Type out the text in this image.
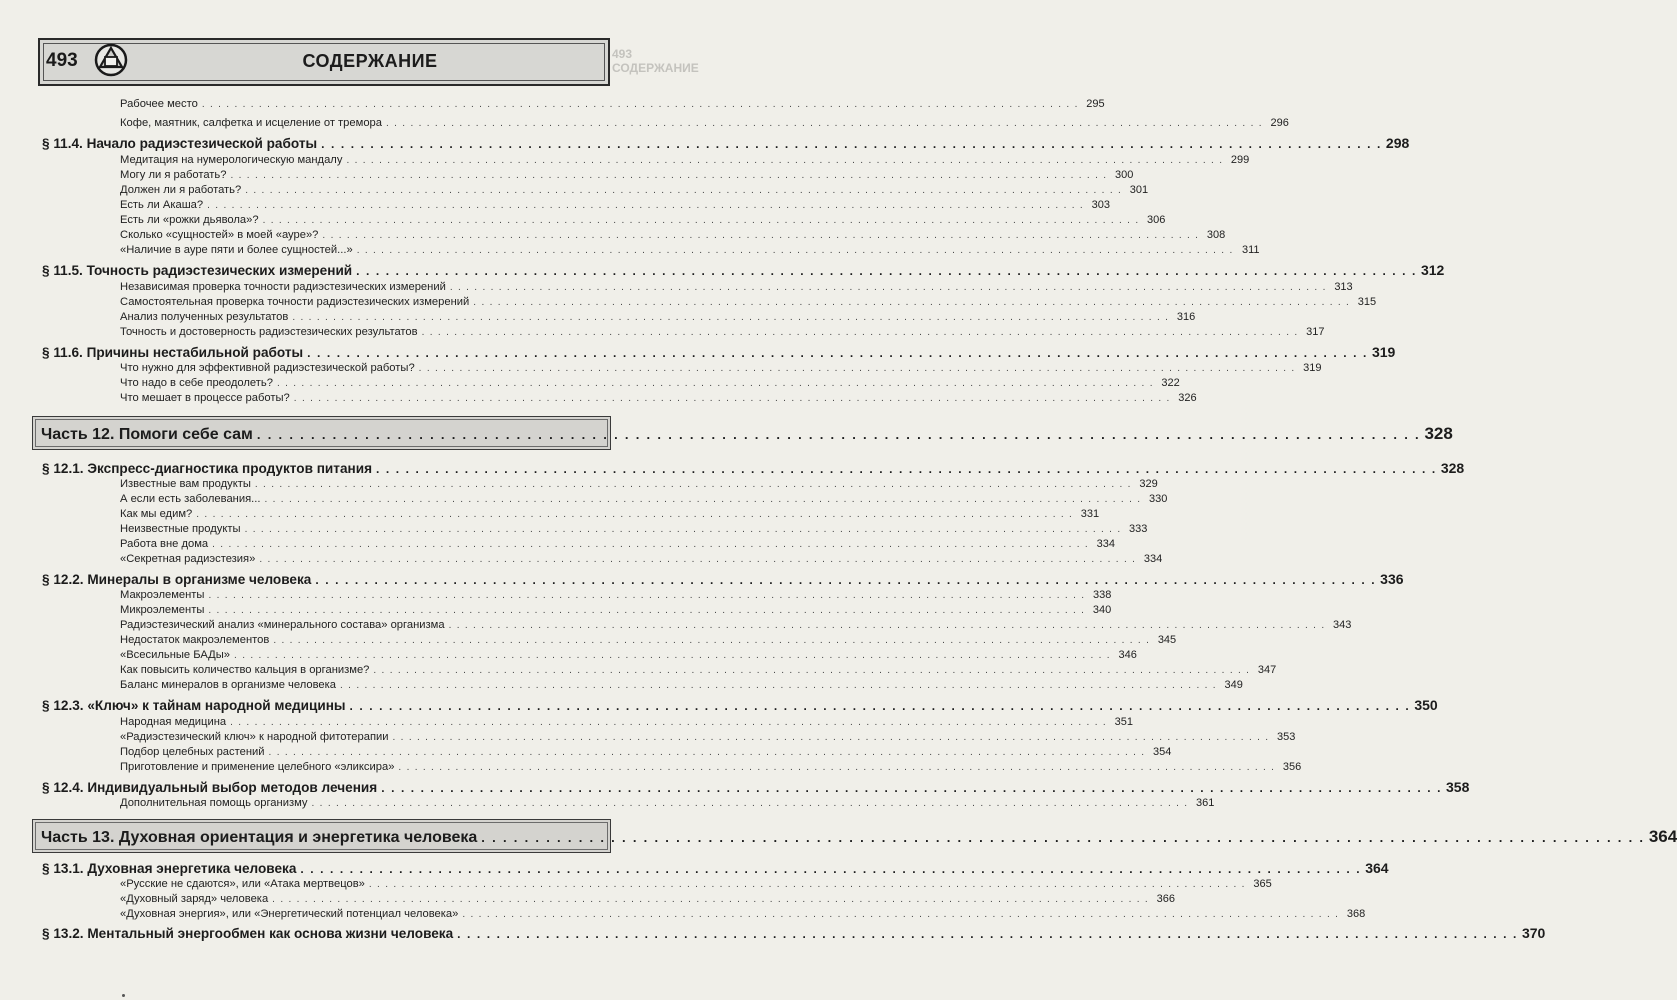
493 СОДЕРЖАНИЕ
493	СОДЕРЖАНИЕ
Рабочее место . . .	295
Кофе, маятник, салфетка и исцеление от тремора . . .	296
§ 11.4. Начало радиэстезической работы . . .	298
Медитация на нумерологическую мандалу . . .	299
Могу ли я работать? . . .	300
Должен ли я работать? . . .	301
Есть ли Акаша? . . .	303
Есть ли «рожки дьявола»? . . .	306
Сколько «сущностей» в моей «ауре»? . . .	308
«Наличие в ауре пяти и более сущностей...» . . .	311
§ 11.5. Точность радиэстезических измерений . . .	312
Независимая проверка точности радиэстезических измерений . . .	313
Самостоятельная проверка точности радиэстезических измерений . . .	315
Анализ полученных результатов . . .	316
Точность и достоверность радиэстезических результатов . . .	317
§ 11.6. Причины нестабильной работы . . .	319
Что нужно для эффективной радиэстезической работы? . . .	319
Что надо в себе преодолеть? . . .	322
Что мешает в процессе работы? . . .	326
Часть 12. Помоги себе сам . . .	328
§ 12.1. Экспресс-диагностика продуктов питания . . .	328
Известные вам продукты . . .	329
А если есть заболевания... . . .	330
Как мы едим? . . .	331
Неизвестные продукты . . .	333
Работа вне дома . . .	334
«Секретная радиэстезия» . . .	334
§ 12.2. Минералы в организме человека . . .	336
Макроэлементы . . .	338
Микроэлементы . . .	340
Радиэстезический анализ «минерального состава» организма . . .	343
Недостаток макроэлементов . . .	345
«Всесильные БАДы» . . .	346
Как повысить количество кальция в организме? . . .	347
Баланс минералов в организме человека . . .	349
§ 12.3. «Ключ» к тайнам народной медицины . . .	350
Народная медицина . . .	351
«Радиэстезический ключ» к народной фитотерапии . . .	353
Подбор целебных растений . . .	354
Приготовление и применение целебного «эликсира» . . .	356
§ 12.4. Индивидуальный выбор методов лечения . . .	358
Дополнительная помощь организму . . .	361
Часть 13. Духовная ориентация и энергетика человека . . .	364
§ 13.1. Духовная энергетика человека . . .	364
«Русские не сдаются», или «Атака мертвецов» . . .	365
«Духовный заряд» человека . . .	366
«Духовная энергия», или «Энергетический потенциал человека» . . .	368
§ 13.2. Ментальный энергообмен как основа жизни человека . . .	370
